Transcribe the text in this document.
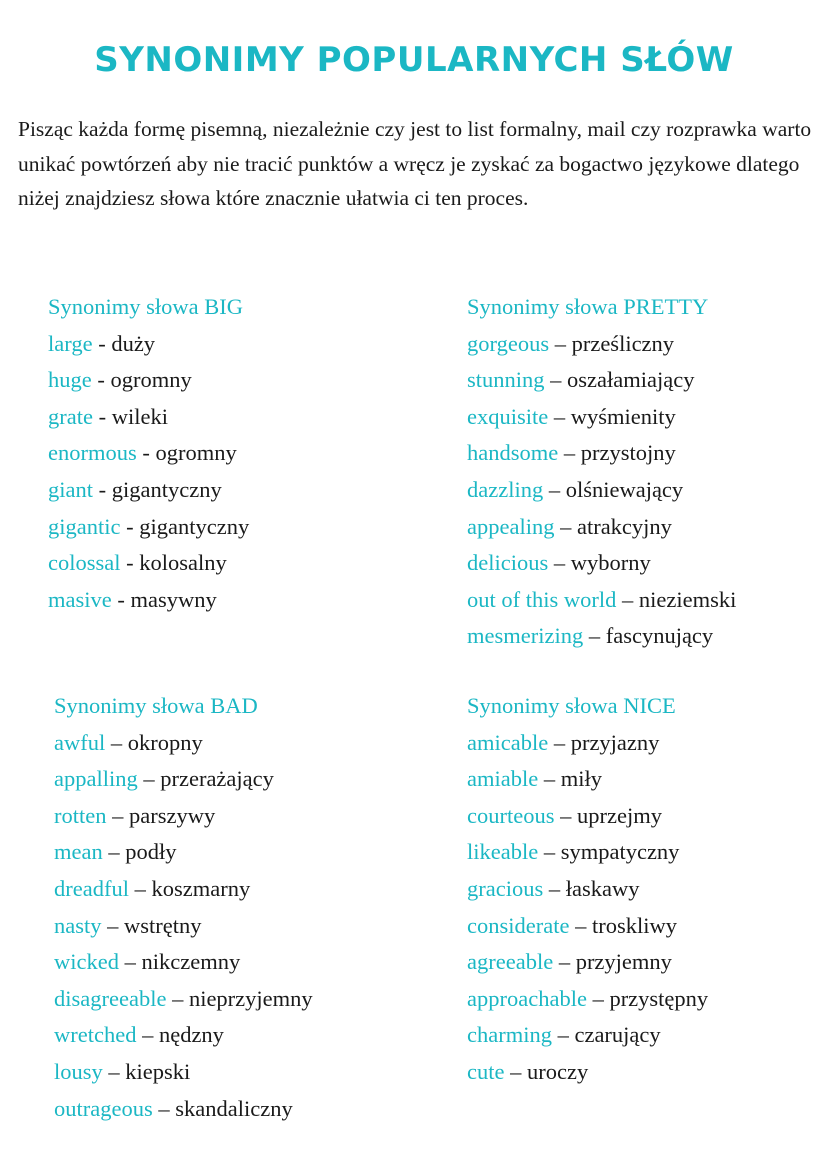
SYNONIMY POPULARNYCH SŁÓW

Pisząc każda formę pisemną, niezależnie czy jest to list formalny, mail czy rozprawka warto unikać powtórzeń aby nie tracić punktów a wręcz je zyskać za bogactwo językowe dlatego niżej znajdziesz słowa które znacznie ułatwia ci ten proces.

Synonimy słowa BIG
large - duży
huge - ogromny
grate - wileki
enormous - ogromny
giant - gigantyczny
gigantic - gigantyczny
colossal - kolosalny
masive - masywny
Synonimy słowa PRETTY
gorgeous – prześliczny
stunning – oszałamiający
exquisite – wyśmienity
handsome – przystojny
dazzling – olśniewający
appealing – atrakcyjny
delicious – wyborny
out of this world – nieziemski
mesmerizing – fascynujący
Synonimy słowa BAD
awful – okropny
appalling – przerażający
rotten – parszywy
mean – podły
dreadful – koszmarny
nasty – wstrętny
wicked – nikczemny
disagreeable – nieprzyjemny
wretched – nędzny
lousy – kiepski
outrageous – skandaliczny
Synonimy słowa NICE
amicable – przyjazny
amiable – miły
courteous – uprzejmy
likeable – sympatyczny
gracious – łaskawy
considerate – troskliwy
agreeable – przyjemny
approachable – przystępny
charming – czarujący
cute – uroczy
